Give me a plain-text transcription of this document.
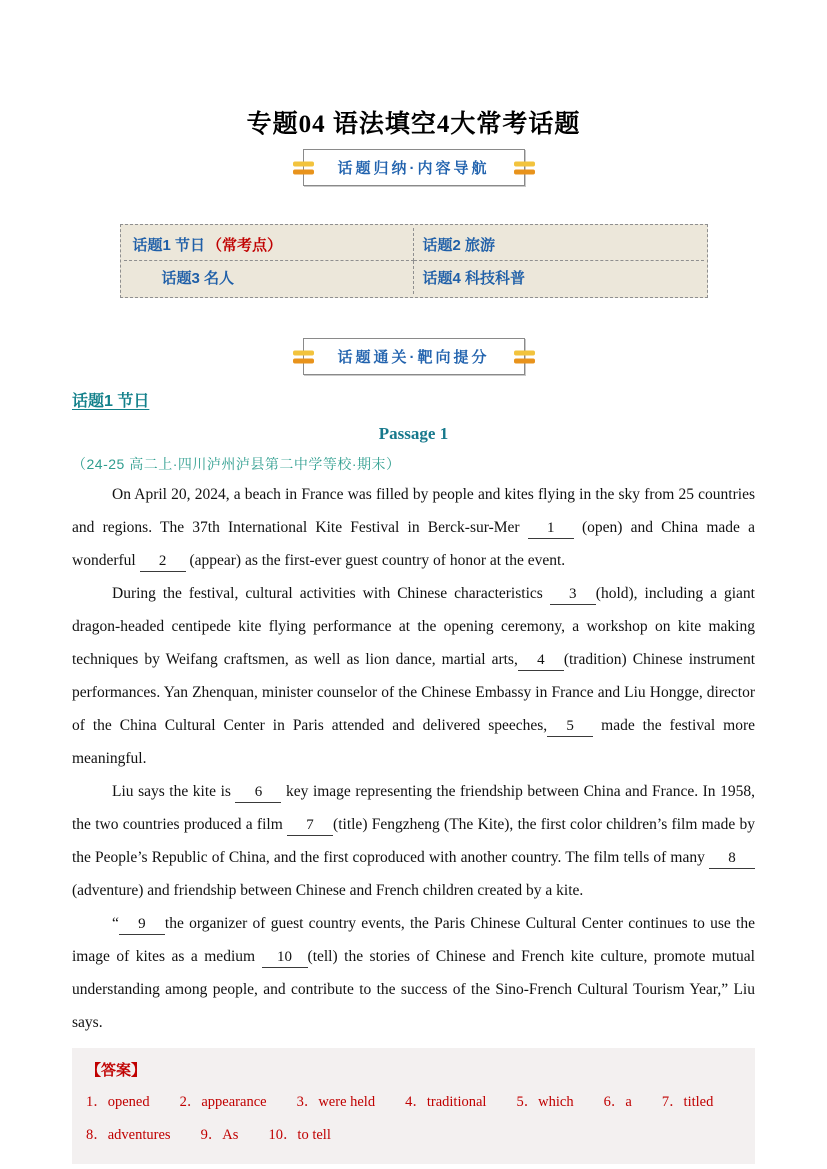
专题04 语法填空4大常考话题
话题归纳·内容导航
话题1 节日 （常考点）	话题2 旅游
话题3 名人	话题4 科技科普
话题通关·靶向提分
话题1 节日
Passage 1
（24-25 高二上·四川泸州泸县第二中学等校·期末）

On April 20, 2024, a beach in France was filled by people and kites flying in the sky from 25 countries and regions. The 37th International Kite Festival in Berck-sur-Mer 1 (open) and China made a wonderful 2 (appear) as the first-ever guest country of honor at the event.

During the festival, cultural activities with Chinese characteristics 3 (hold), including a giant dragon-headed centipede kite flying performance at the opening ceremony, a workshop on kite making techniques by Weifang craftsmen, as well as lion dance, martial arts, 4 (tradition) Chinese instrument performances. Yan Zhenquan, minister counselor of the Chinese Embassy in France and Liu Hongge, director of the China Cultural Center in Paris attended and delivered speeches, 5 made the festival more meaningful.

Liu says the kite is 6 key image representing the friendship between China and France. In 1958, the two countries produced a film 7 (title) Fengzheng (The Kite), the first color children’s film made by the People’s Republic of China, and the first coproduced with another country. The film tells of many 8 (adventure) and friendship between Chinese and French children created by a kite.

“ 9 the organizer of guest country events, the Paris Chinese Cultural Center continues to use the image of kites as a medium 10 (tell) the stories of Chinese and French kite culture, promote mutual understanding among people, and contribute to the success of the Sino-French Cultural Tourism Year,” Liu says.

【答案】
1．opened 2．appearance 3．were held 4．traditional 5．which 6．a 7．titled
8．adventures 9．As 10．to tell
